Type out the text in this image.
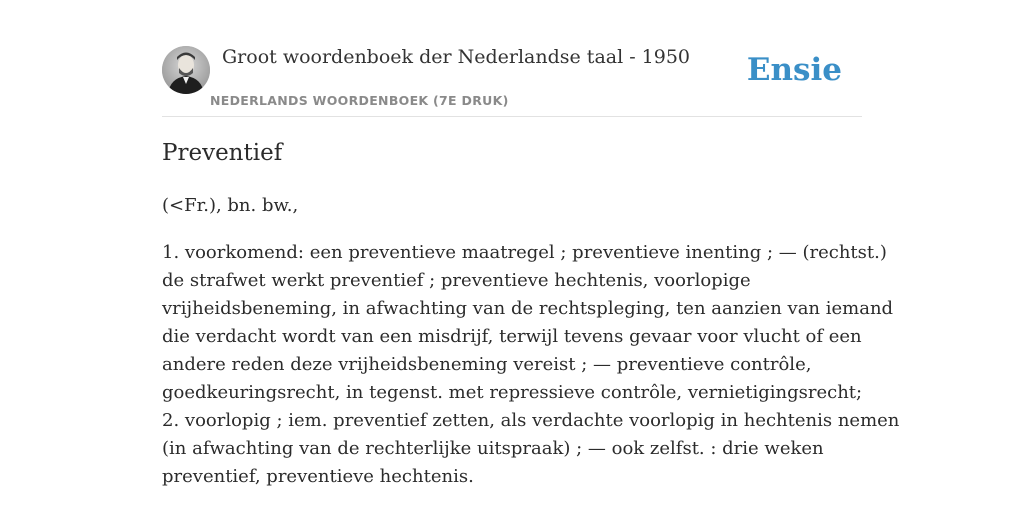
Groot woordenboek der Nederlandse taal - 1950
NEDERLANDS WOORDENBOEK (7E DRUK)
Ensie
Preventief
(<Fr.), bn. bw.,
1. voorkomend: een preventieve maatregel ; preventieve inenting ; — (rechtst.)
de strafwet werkt preventief ; preventieve hechtenis, voorlopige
vrijheidsbeneming, in afwachting van de rechtspleging, ten aanzien van iemand
die verdacht wordt van een misdrijf, terwijl tevens gevaar voor vlucht of een
andere reden deze vrijheidsbeneming vereist ; — preventieve contrôle,
goedkeuringsrecht, in tegenst. met repressieve contrôle, vernietigingsrecht;
2. voorlopig ; iem. preventief zetten, als verdachte voorlopig in hechtenis nemen
(in afwachting van de rechterlijke uitspraak) ; — ook zelfst. : drie weken
preventief, preventieve hechtenis.
